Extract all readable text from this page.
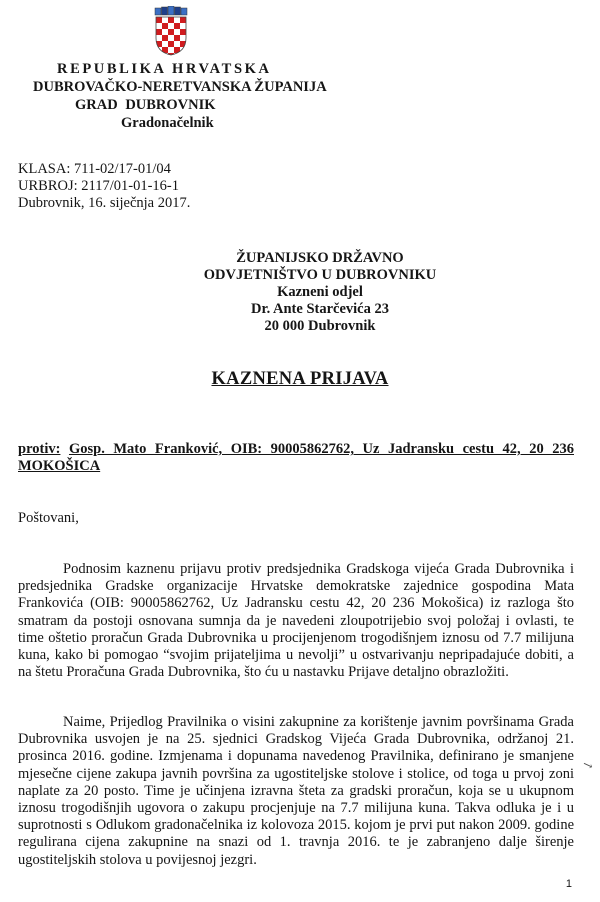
REPUBLIKA HRVATSKA
DUBROVAČKO-NERETVANSKA ŽUPANIJA
GRAD DUBROVNIK
Gradonačelnik
KLASA: 711-02/17-01/04
URBROJ: 2117/01-01-16-1
Dubrovnik, 16. siječnja 2017.
ŽUPANIJSKO DRŽAVNO
ODVJETNIŠTVO U DUBROVNIKU
Kazneni odjel
Dr. Ante Starčevića 23
20 000 Dubrovnik
KAZNENA PRIJAVA
protiv: Gosp. Mato Franković, OIB: 90005862762, Uz Jadransku cestu 42, 20 236 MOKOŠICA
Poštovani,
Podnosim kaznenu prijavu protiv predsjednika Gradskoga vijeća Grada Dubrovnika i predsjednika Gradske organizacije Hrvatske demokratske zajednice gospodina Mata Frankovića (OIB: 90005862762, Uz Jadransku cestu 42, 20 236 Mokošica) iz razloga što smatram da postoji osnovana sumnja da je navedeni zloupotrijebio svoj položaj i ovlasti, te time oštetio proračun Grada Dubrovnika u procijenjenom trogodišnjem iznosu od 7.7 milijuna kuna, kako bi pomogao “svojim prijateljima u nevolji” u ostvarivanju nepripadajuće dobiti, a na štetu Proračuna Grada Dubrovnika, što ću u nastavku Prijave detaljno obrazložiti.
Naime, Prijedlog Pravilnika o visini zakupnine za korištenje javnim površinama Grada Dubrovnika usvojen je na 25. sjednici Gradskog Vijeća Grada Dubrovnika, održanoj 21. prosinca 2016. godine. Izmjenama i dopunama navedenog Pravilnika, definirano je smanjene mjesečne cijene zakupa javnih površina za ugostiteljske stolove i stolice, od toga u prvoj zoni naplate za 20 posto. Time je učinjena izravna šteta za gradski proračun, koja se u ukupnom iznosu trogodišnjih ugovora o zakupu procjenjuje na 7.7 milijuna kuna. Takva odluka je i u suprotnosti s Odlukom gradonačelnika iz kolovoza 2015. kojom je prvi put nakon 2009. godine regulirana cijena zakupnine na snazi od 1. travnja 2016. te je zabranjeno dalje širenje ugostiteljskih stolova u povijesnoj jezgri.
↘
1
